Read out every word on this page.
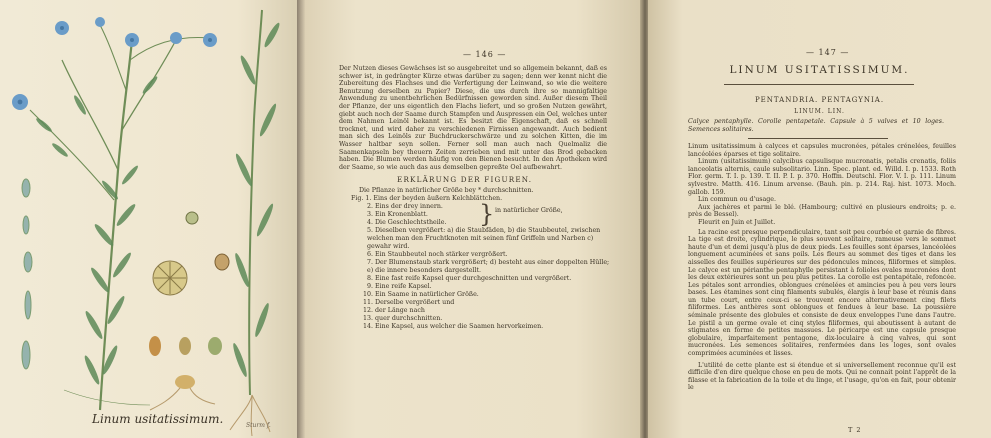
Linum usitatissimum.	Sturm f.
— 146 —

Der Nutzen dieses Gewächses ist so ausgebreitet und so allgemein bekannt, daß es schwer ist, in gedrängter Kürze etwas darüber zu sagen; denn wer kennt nicht die Zubereitung des Flachses und die Verfertigung der Leinwand, so wie die weitere Benutzung derselben zu Papier? Diese, die uns durch ihre so mannigfaltige Anwendung zu unentbehrlichen Bedürfnissen geworden sind. Außer diesem Theil der Pflanze, der uns eigentlich den Flachs liefert, und so großen Nutzen gewährt, giebt auch noch der Saame durch Stampfen und Auspressen ein Oel, welches unter dem Nahmen Leinöl bekannt ist. Es besitzt die Eigenschaft, daß es schnell trocknet, und wird daher zu verschiedenen Firnissen angewandt. Auch bedient man sich des Leinöls zur Buchdruckerschwärze und zu solchen Kitten, die im Wasser haltbar seyn sollen. Ferner soll man auch nach Quelmaliz die Saamenkapseln bey theuern Zeiten zerrieben und mit unter das Brod gebacken haben. Die Blumen werden häufig von den Bienen besucht. In den Apotheken wird der Saame, so wie auch das aus demselben gepreßte Oel aufbewahrt.

ERKLÄRUNG DER FIGUREN.
Die Pflanze in natürlicher Größe bey * durchschnitten.
Fig. 1. Eins der beyden äußern Kelchblättchen.
2. Eins der drey innern.
3. Ein Kronenblatt.
4. Die Geschlechtstheile.
5. Dieselben vergrößert: a) die Staubfäden, b) die Staubbeutel, zwischen welchen man den Fruchtknoten mit seinen fünf Griffeln und Narben c) gewahr wird.
6. Ein Staubbeutel noch stärker vergrößert.
7. Der Blumenstaub stark vergrößert; d) besteht aus einer doppelten Hülle; e) die innere besonders dargestellt.
8. Eine fast reife Kapsel quer durchgeschnitten und vergrößert.
9. Eine reife Kapsel.
10. Ein Saame in natürlicher Größe.
11. Derselbe vergrößert und
12. der Länge nach
13. quer durchschnitten.
14. Eine Kapsel, aus welcher die Saamen hervorkeimen.
} in natürlicher Größe,
— 147 —
LINUM USITATISSIMUM.
PENTANDRIA. PENTAGYNIA.
LINUM. LIN.
Calyce pentaphylle. Corolle pentapetale. Capsule à 5 valves et 10 loges. Semences solitaires.

Linum usitatissimum à calyces et capsules mucronées, pétales crénelées, feuilles lancéolées éparses et tige solitaire.

Linum (usitatissimum) calycibus capsulisque mucronatis, petalis crenatis, foliis lanceolatis alternis, caule subsolitario. Linn. Spec. plant. ed. Willd. I. p. 1533. Roth Flor. germ. T. I. p. 139. T. II. P. I. p. 370. Hoffm. Deutschl. Flor. V. I. p. 111. Linum sylvestre. Matth. 416. Linum arvense. (Bauh. pin. p. 214. Raj. hist. 1073. Moch. gallob. 159.

Lin commun ou d'usage.

Aux jachères et parmi le blé. (Hambourg; cultivé en plusieurs endroits; p. e. près de Bessel).

Fleurit en Juin et Juillet.

La racine est presque perpendiculaire, tant soit peu courbée et garnie de fibres. La tige est droite, cylindrique, le plus souvent solitaire, rameuse vers le sommet haute d'un et demi jusqu'à plus de deux pieds. Les feuilles sont éparses, lancéolées longuement acuminées et sans poils. Les fleurs au sommet des tiges et dans les aisselles des feuilles supérieures sur des pédoncules minces, filiformes et simples. Le calyce est un périanthe pentaphylle persistant à folioles ovales mucronées dont les deux extérieures sont un peu plus petites. La corolle est pentapétale, refoncée. Les pétales sont arrondies, oblongues crénelées et amincies peu à peu vers leurs bases. Les étamines sont cinq filaments subulés, élargis à leur base et réunis dans un tube court, entre ceux-ci se trouvent encore alternativement cinq filets filiformes. Les anthères sont oblongues et fendues à leur base. La poussière séminale présente des globules et consiste de deux enveloppes l'une dans l'autre. Le pistil a un germe ovale et cinq styles filiformes, qui aboutissent à autant de stigmates en forme de petites massues. Le péricarpe est une capsule presque globulaire, imparfaitement pentagone, dix-loculaire à cinq valves, qui sont mucronées. Les semences solitaires, renfermées dans les loges, sont ovales comprimées acuminées et lisses.

L'utilité de cette plante est si étendue et si universellement reconnue qu'il est difficile d'en dire quelque chose en peu de mots. Qui ne connait point l'apprêt de la filasse et la fabrication de la toile et du linge, et l'usage, qu'on en fait, pour obtenir le

T 2
